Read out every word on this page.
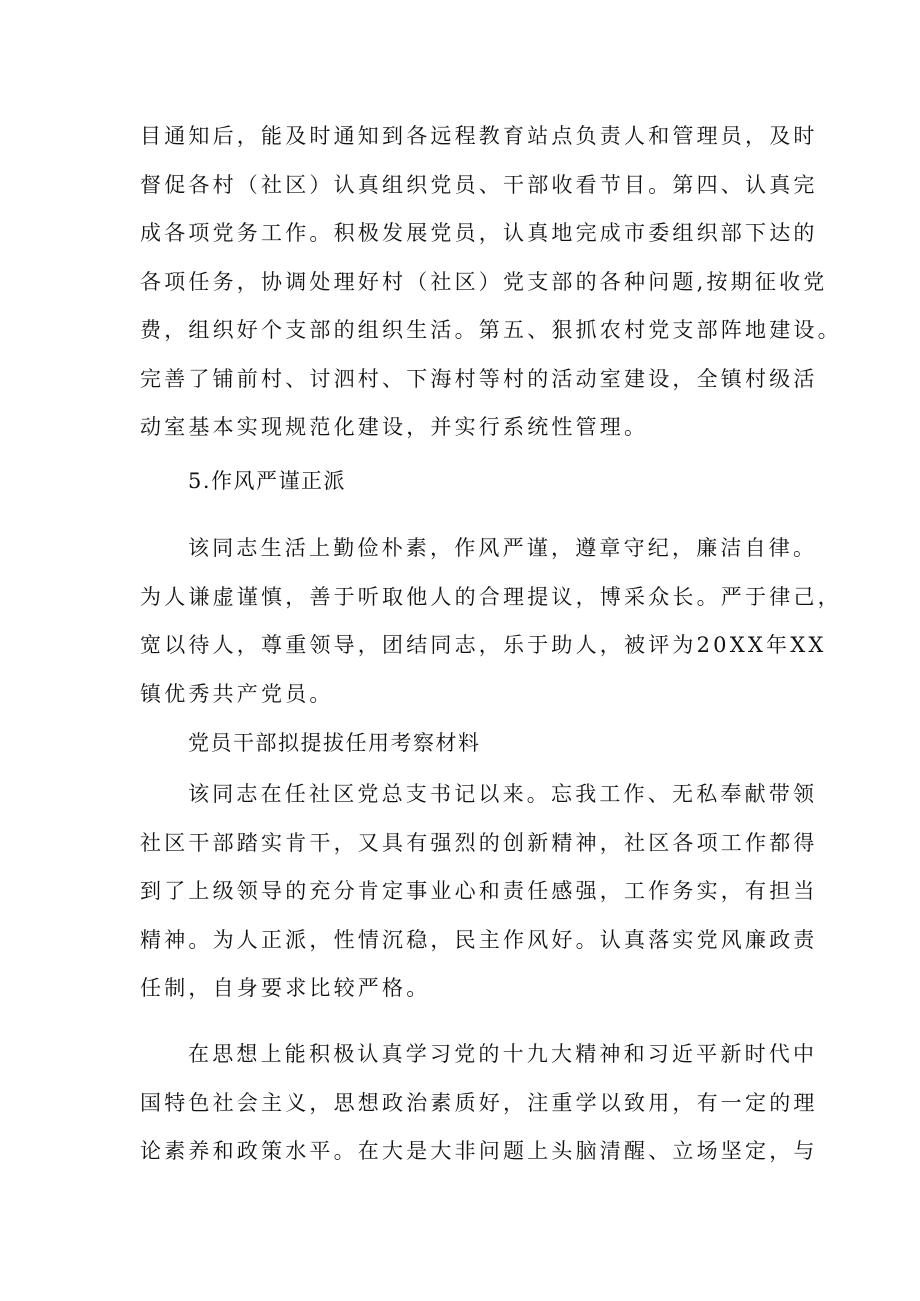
目通知后，能及时通知到各远程教育站点负责人和管理员，及时
督促各村（社区）认真组织党员、干部收看节目。第四、认真完
成各项党务工作。积极发展党员，认真地完成市委组织部下达的
各项任务，协调处理好村（社区）党支部的各种问题,按期征收党
费，组织好个支部的组织生活。第五、狠抓农村党支部阵地建设。
完善了铺前村、讨泗村、下海村等村的活动室建设，全镇村级活
动室基本实现规范化建设，并实行系统性管理。
5.作风严谨正派
该同志生活上勤俭朴素，作风严谨，遵章守纪，廉洁自律。
为人谦虚谨慎，善于听取他人的合理提议，博采众长。严于律己，
宽以待人，尊重领导，团结同志，乐于助人，被评为20XX年XX
镇优秀共产党员。
党员干部拟提拔任用考察材料
该同志在任社区党总支书记以来。忘我工作、无私奉献带领
社区干部踏实肯干，又具有强烈的创新精神，社区各项工作都得
到了上级领导的充分肯定事业心和责任感强，工作务实，有担当
精神。为人正派，性情沉稳，民主作风好。认真落实党风廉政责
任制，自身要求比较严格。
在思想上能积极认真学习党的十九大精神和习近平新时代中
国特色社会主义，思想政治素质好，注重学以致用，有一定的理
论素养和政策水平。在大是大非问题上头脑清醒、立场坚定，与
